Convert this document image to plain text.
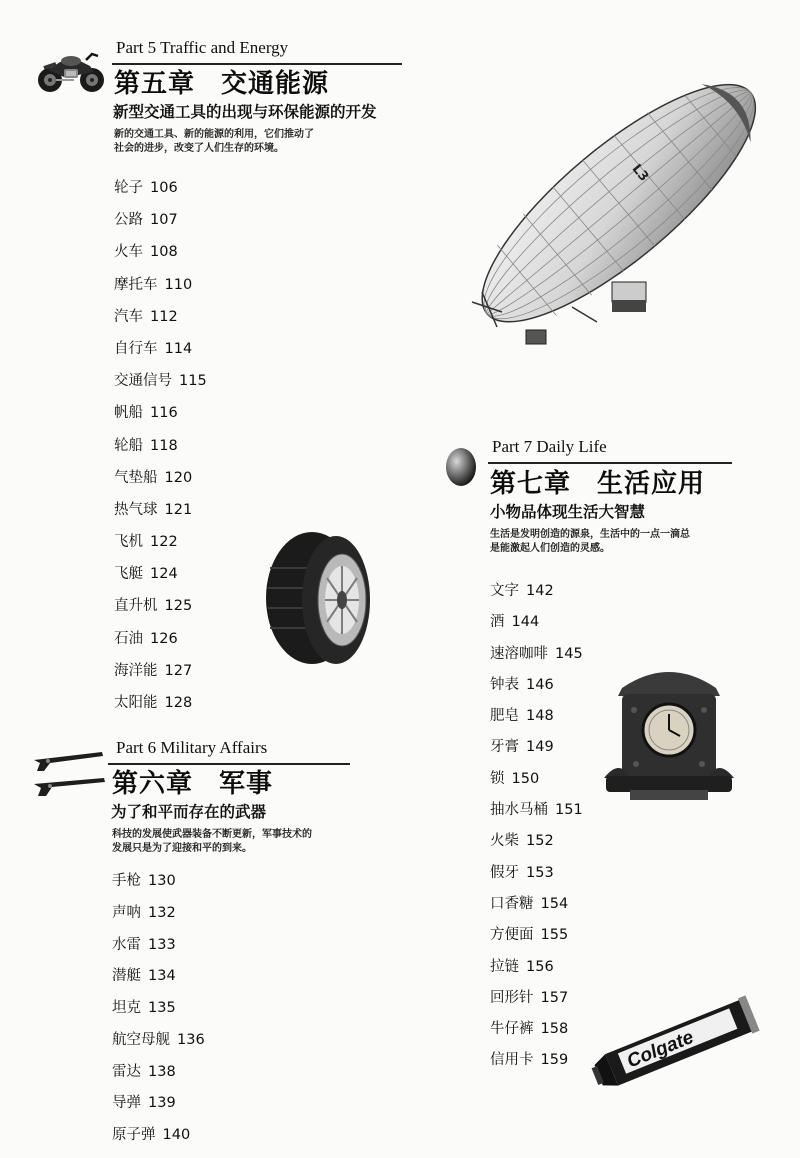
Part 5 Traffic and Energy
第五章 交通能源
新型交通工具的出现与环保能源的开发
新的交通工具、新的能源的利用，它们推动了
社会的进步，改变了人们生存的环境。
轮子 106
公路 107
火车 108
摩托车 110
汽车 112
自行车 114
交通信号 115
帆船 116
轮船 118
气垫船 120
热气球 121
飞机 122
飞艇 124
直升机 125
石油 126
海洋能 127
太阳能 128
Part 6 Military Affairs
第六章 军事
为了和平而存在的武器
科技的发展使武器装备不断更新，军事技术的
发展只是为了迎接和平的到来。
手枪 130
声呐 132
水雷 133
潜艇 134
坦克 135
航空母舰 136
雷达 138
导弹 139
原子弹 140
Part 7 Daily Life
第七章 生活应用
小物品体现生活大智慧
生活是发明创造的源泉，生活中的一点一滴总
是能激起人们创造的灵感。
文字 142
酒 144
速溶咖啡 145
钟表 146
肥皂 148
牙膏 149
锁 150
抽水马桶 151
火柴 152
假牙 153
口香糖 154
方便面 155
拉链 156
回形针 157
牛仔裤 158
信用卡 159
L3
Colgate
